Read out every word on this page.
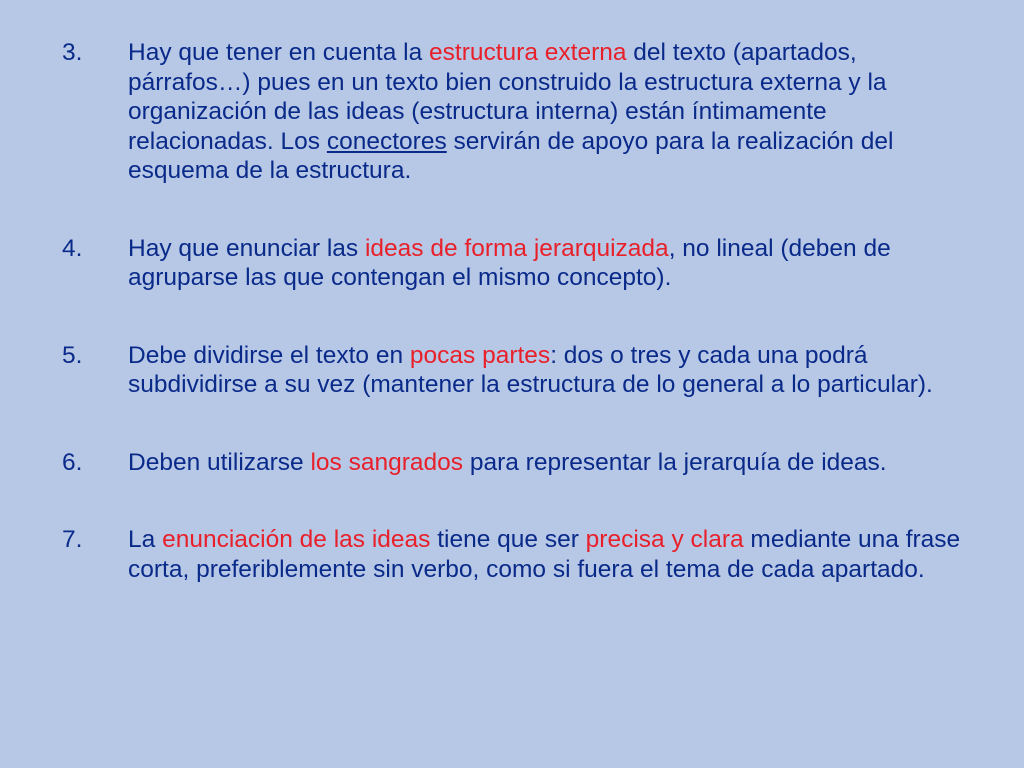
3.	Hay que tener en cuenta la estructura externa del texto (apartados, párrafos…) pues en un texto bien construido la estructura externa y la organización de las ideas (estructura interna) están íntimamente relacionadas. Los conectores servirán de apoyo para la realización del esquema de la estructura.
4.	Hay que enunciar las ideas de forma jerarquizada, no lineal (deben de agruparse las que contengan el mismo concepto).
5.	Debe dividirse el texto en pocas partes: dos o tres y cada una podrá subdividirse a su vez (mantener la estructura de lo general a lo particular).
6.	Deben utilizarse los sangrados para representar la jerarquía de ideas.
7.	La enunciación de las ideas tiene que ser precisa y clara mediante una frase corta, preferiblemente sin verbo, como si fuera el tema de cada apartado.
